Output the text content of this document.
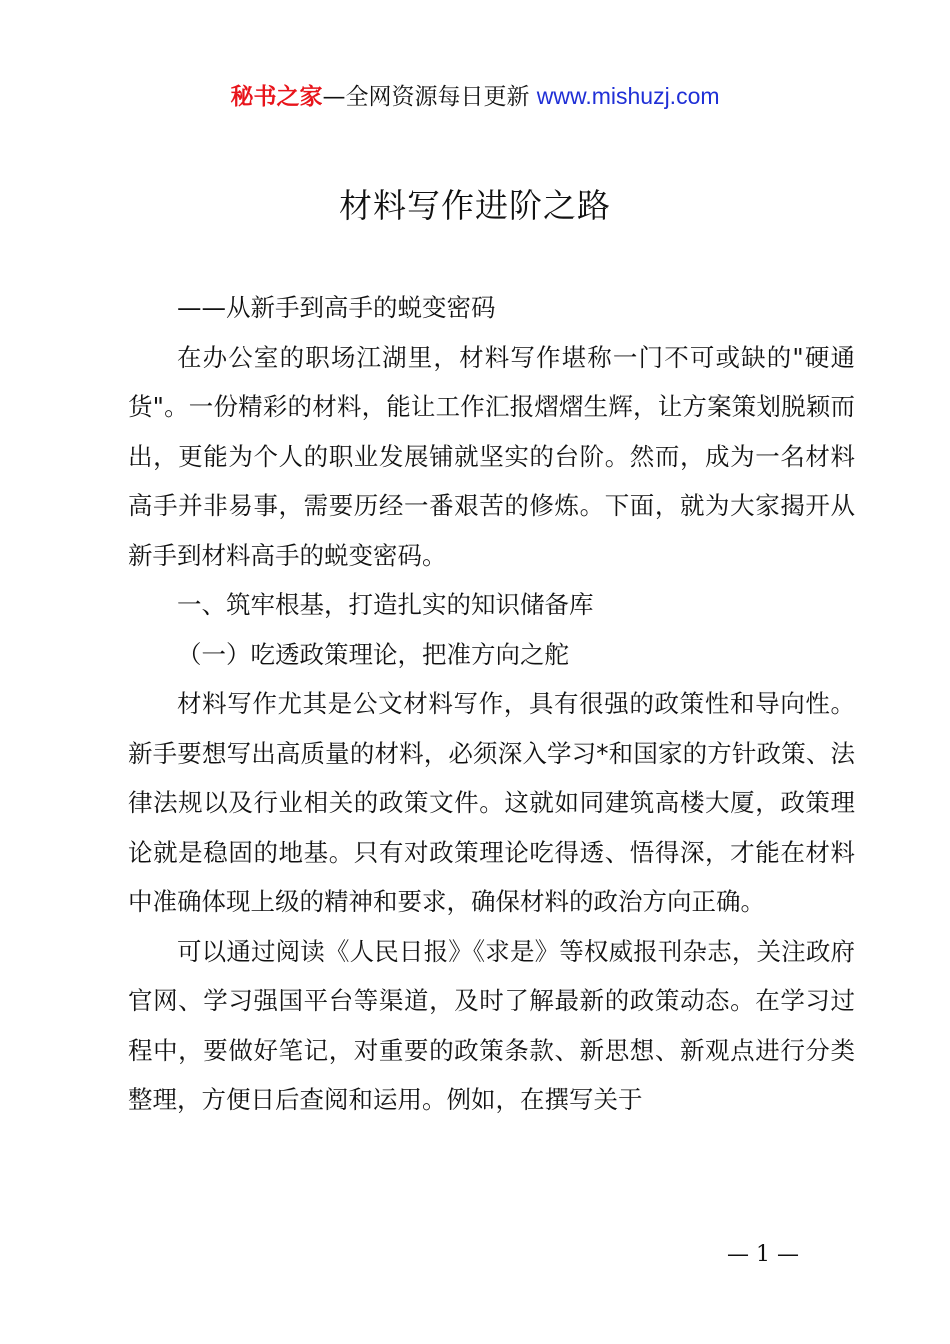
秘书之家—全网资源每日更新 www.mishuzj.com
材料写作进阶之路

——从新手到高手的蜕变密码

在办公室的职场江湖里，材料写作堪称一门不可或缺的"硬通货"。一份精彩的材料，能让工作汇报熠熠生辉，让方案策划脱颖而出，更能为个人的职业发展铺就坚实的台阶。然而，成为一名材料高手并非易事，需要历经一番艰苦的修炼。下面，就为大家揭开从新手到材料高手的蜕变密码。

一、筑牢根基，打造扎实的知识储备库

（一）吃透政策理论，把准方向之舵

材料写作尤其是公文材料写作，具有很强的政策性和导向性。新手要想写出高质量的材料，必须深入学习*和国家的方针政策、法律法规以及行业相关的政策文件。这就如同建筑高楼大厦，政策理论就是稳固的地基。只有对政策理论吃得透、悟得深，才能在材料中准确体现上级的精神和要求，确保材料的政治方向正确。

可以通过阅读《人民日报》《求是》等权威报刊杂志，关注政府官网、学习强国平台等渠道，及时了解最新的政策动态。在学习过程中，要做好笔记，对重要的政策条款、新思想、新观点进行分类整理，方便日后查阅和运用。例如，在撰写关于

— 1 —
